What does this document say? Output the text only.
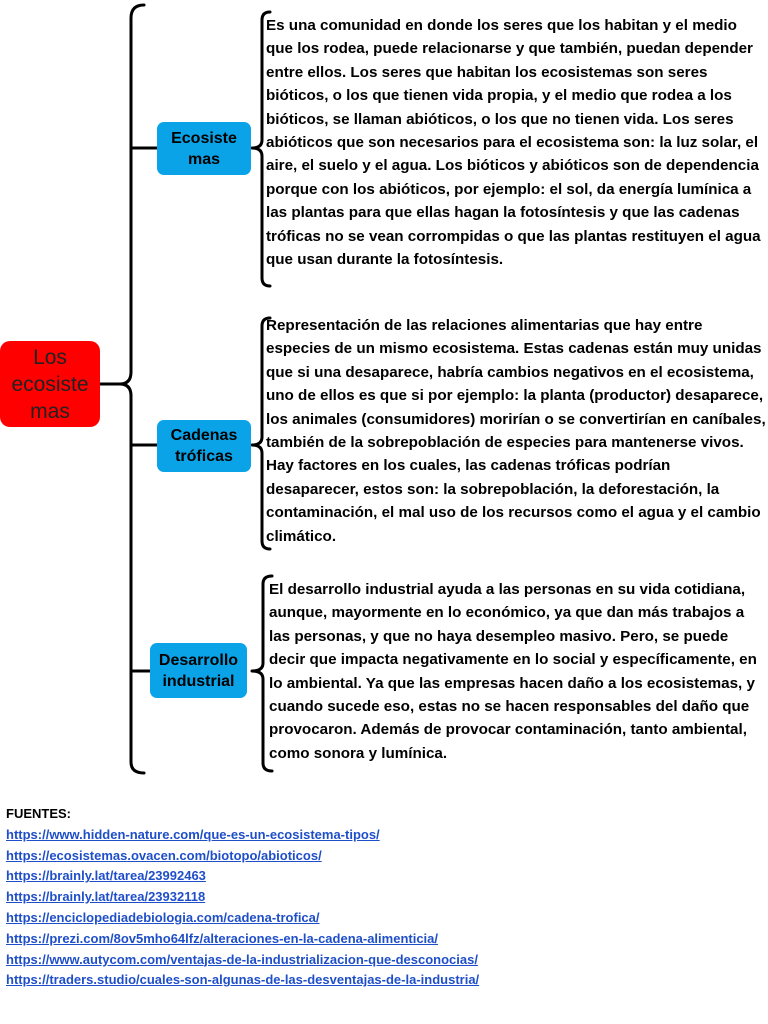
Los ecosiste mas
Ecosiste mas
Es una comunidad en donde los seres que los habitan y el medio que los rodea, puede relacionarse y que también, puedan depender entre ellos. Los seres que habitan los ecosistemas son seres bióticos, o los que tienen vida propia, y el medio que rodea a los bióticos, se llaman abióticos, o los que no tienen vida. Los seres abióticos que son necesarios para el ecosistema son: la luz solar, el aire, el suelo y el agua. Los bióticos y abióticos son de dependencia porque con los abióticos, por ejemplo: el sol, da energía lumínica a las plantas para que ellas hagan la fotosíntesis y que las cadenas tróficas no se vean corrompidas o que las plantas restituyen el agua que usan durante la fotosíntesis.
Cadenas tróficas
Representación de las relaciones alimentarias que hay entre especies de un mismo ecosistema. Estas cadenas están muy unidas que si una desaparece, habría cambios negativos en el ecosistema, uno de ellos es que si por ejemplo: la planta (productor) desaparece, los animales (consumidores) morirían o se convertirían en caníbales, también de la sobrepoblación de especies para mantenerse vivos. Hay factores en los cuales, las cadenas tróficas podrían desaparecer, estos son: la sobrepoblación, la deforestación, la contaminación, el mal uso de los recursos como el agua y el cambio climático.
Desarrollo industrial
El desarrollo industrial ayuda a las personas en su vida cotidiana, aunque, mayormente en lo económico, ya que dan más trabajos a las personas, y que no haya desempleo masivo. Pero, se puede decir que impacta negativamente en lo social y específicamente, en lo ambiental. Ya que las empresas hacen daño a los ecosistemas, y cuando sucede eso, estas no se hacen responsables del daño que provocaron. Además de provocar contaminación, tanto ambiental, como sonora y lumínica.
FUENTES:
https://www.hidden-nature.com/que-es-un-ecosistema-tipos/
https://ecosistemas.ovacen.com/biotopo/abioticos/
https://brainly.lat/tarea/23992463
https://brainly.lat/tarea/23932118
https://enciclopediadebiologia.com/cadena-trofica/
https://prezi.com/8ov5mho64lfz/alteraciones-en-la-cadena-alimenticia/
https://www.autycom.com/ventajas-de-la-industrializacion-que-desconocias/
https://traders.studio/cuales-son-algunas-de-las-desventajas-de-la-industria/
